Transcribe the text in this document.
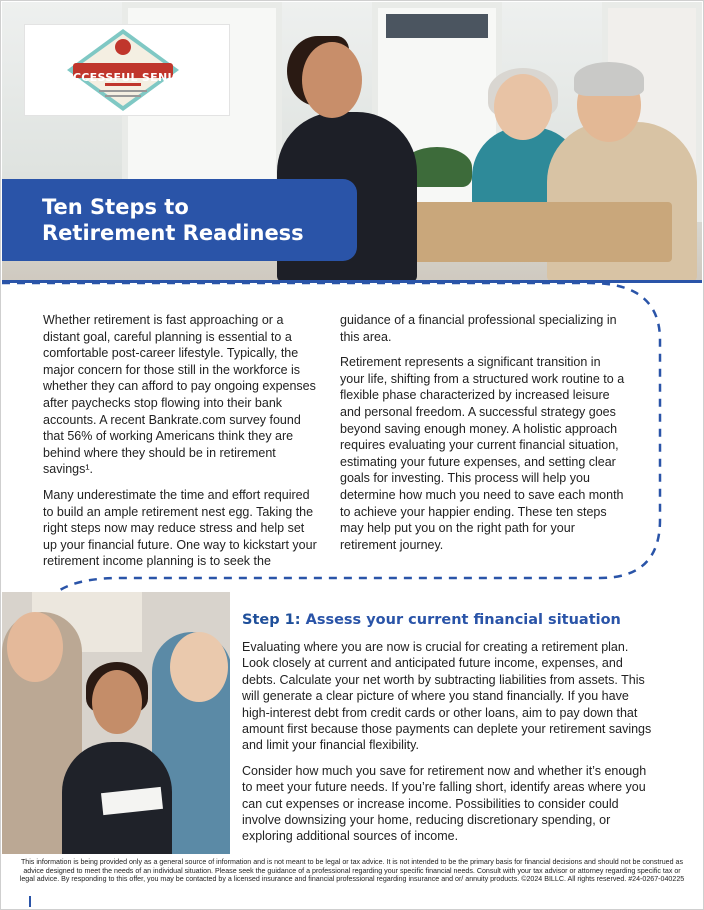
SUCCESSFUL SENIORS
Ten Steps to
Retirement Readiness

Whether retirement is fast approaching or a distant goal, careful planning is essential to a comfortable post-career lifestyle. Typically, the major concern for those still in the workforce is whether they can afford to pay ongoing expenses after paychecks stop flowing into their bank accounts. A recent Bankrate.com survey found that 56% of working Americans think they are behind where they should be in retirement savings¹.

Many underestimate the time and effort required to build an ample retirement nest egg. Taking the right steps now may reduce stress and help set up your financial future. One way to kickstart your retirement income planning is to seek the

guidance of a financial professional specializing in this area.

Retirement represents a significant transition in your life, shifting from a structured work routine to a flexible phase characterized by increased leisure and personal freedom. A successful strategy goes beyond saving enough money. A holistic approach requires evaluating your current financial situation, estimating your future expenses, and setting clear goals for investing. This process will help you determine how much you need to save each month to achieve your happier ending. These ten steps may help put you on the right path for your retirement journey.

Step 1: Assess your current financial situation

Evaluating where you are now is crucial for creating a retirement plan. Look closely at current and anticipated future income, expenses, and debts. Calculate your net worth by subtracting liabilities from assets. This will generate a clear picture of where you stand financially. If you have high-interest debt from credit cards or other loans, aim to pay down that amount first because those payments can deplete your retirement savings and limit your financial flexibility.

Consider how much you save for retirement now and whether it’s enough to meet your future needs. If you’re falling short, identify areas where you can cut expenses or increase income. Possibilities to consider could involve downsizing your home, reducing discretionary spending, or exploring additional sources of income.

This information is being provided only as a general source of information and is not meant to be legal or tax advice. It is not intended to be the primary basis for financial decisions and should not be construed as advice designed to meet the needs of an individual situation. Please seek the guidance of a professional regarding your specific financial needs. Consult with your tax advisor or attorney regarding specific tax or legal advice. By responding to this offer, you may be contacted by a licensed insurance and financial professional regarding insurance and or/ annuity products. ©2024 BILLC. All rights reserved. #24-0267-040225
